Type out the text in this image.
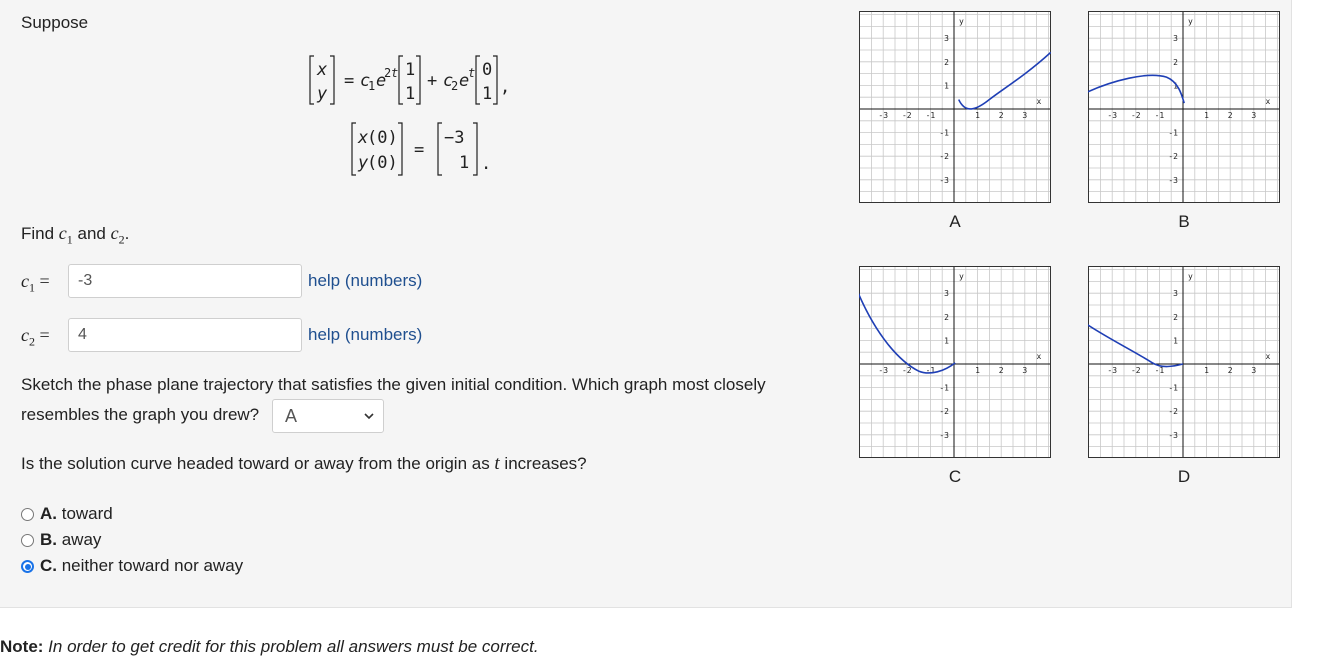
Suppose
x
y
= c
1 e
2 t 1
1
+ c
2 e
t 0
1 ,
x
(0)
y
(0)
=
−3
1 .
Find $c_1$ and $c_2$.
$c_1$ =
-3	help (numbers)
$c_2$ =
4	help (numbers)
Sketch the phase plane trajectory that satisfies the given initial condition. Which graph most closely
resembles the graph you drew? A
Is the solution curve headed toward or away from the origin as t increases?
A. toward
B. away
C. neither toward nor away
-3 -2 -1	1 2 3
3
2
1
-1
-2
-3
x
y
-3 -2 -1	1 2 3
3
2
1
-1
-2
-3
x
y
-3 -2 -1	1 2 3
3
2
1
-1
-2
-3
x
y
-3 -2 -1	1 2 3
3
2
1
-1
-2
-3
x
y
A	B
C	D
Note: In order to get credit for this problem all answers must be correct.
